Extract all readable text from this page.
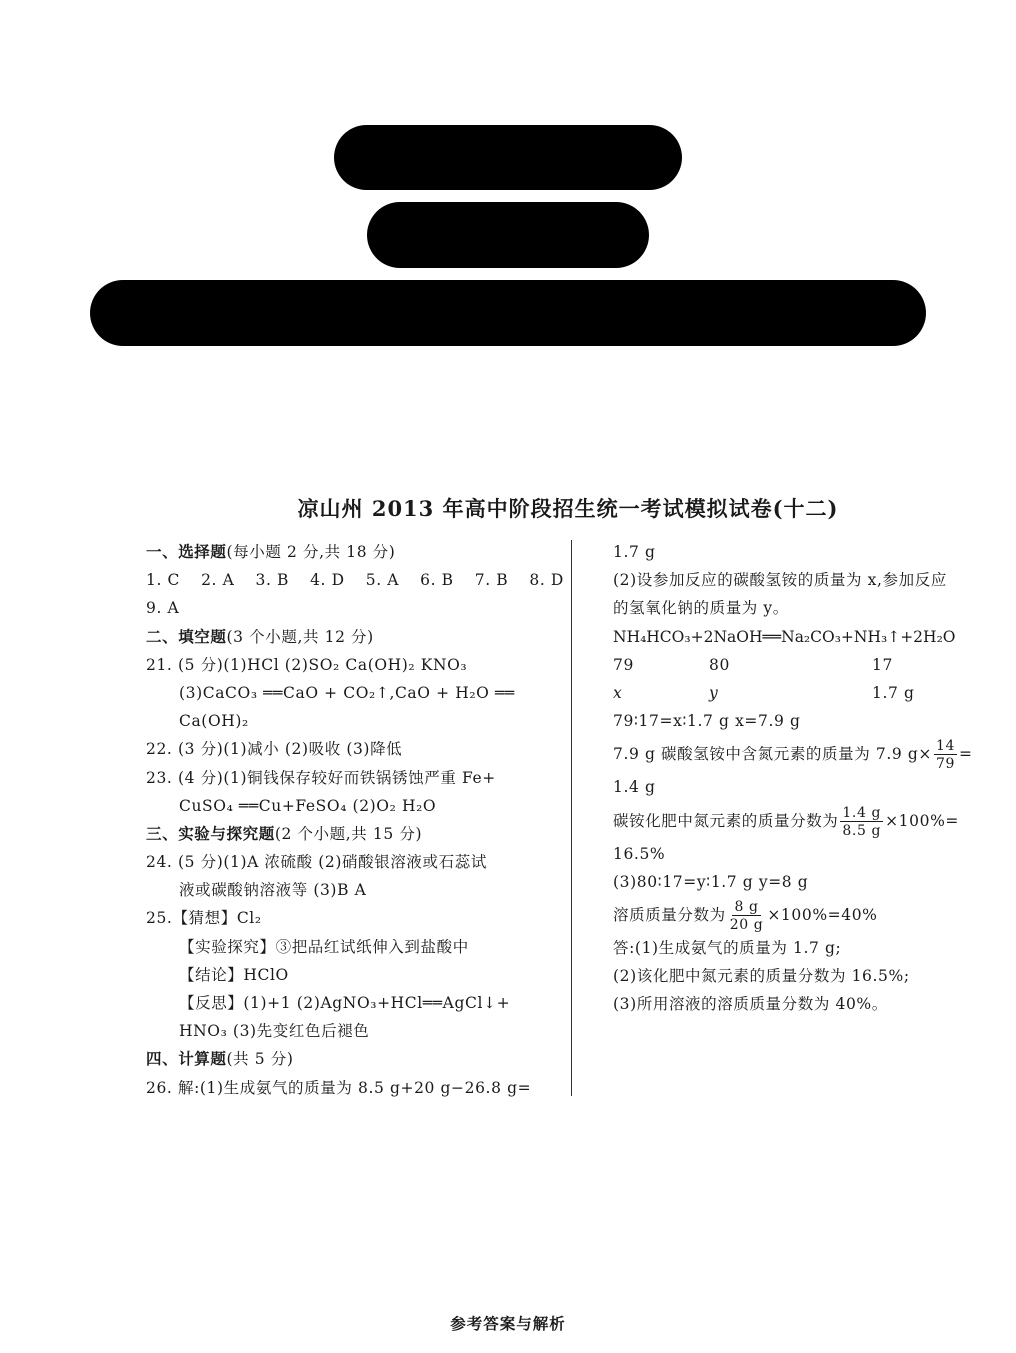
凉山州 2013 年高中阶段招生统一考试模拟试卷(十二)
一、选择题(每小题 2 分,共 18 分)
1. C 2. A 3. B 4. D 5. A 6. B 7. B 8. D
9. A
二、填空题(3 个小题,共 12 分)
21. (5 分)(1)HCl (2)SO₂ Ca(OH)₂ KNO₃
(3)CaCO₃ ══CaO + CO₂↑,CaO + H₂O ══
Ca(OH)₂
22. (3 分)(1)减小 (2)吸收 (3)降低
23. (4 分)(1)铜钱保存较好而铁锅锈蚀严重 Fe+
CuSO₄ ══Cu+FeSO₄ (2)O₂ H₂O
三、实验与探究题(2 个小题,共 15 分)
24. (5 分)(1)A 浓硫酸 (2)硝酸银溶液或石蕊试
液或碳酸钠溶液等 (3)B A
25.【猜想】Cl₂
【实验探究】③把品红试纸伸入到盐酸中
【结论】HClO
【反思】(1)+1 (2)AgNO₃+HCl══AgCl↓+
HNO₃ (3)先变红色后褪色
四、计算题(共 5 分)
26. 解:(1)生成氨气的质量为 8.5 g+20 g−26.8 g=
1.7 g
(2)设参加反应的碳酸氢铵的质量为 x,参加反应
的氢氧化钠的质量为 y。
NH₄HCO₃+2NaOH══Na₂CO₃+NH₃↑+2H₂O
79	80	17
x	y	1.7 g
79∶17=x∶1.7 g x=7.9 g
7.9 g 碳酸氢铵中含氮元素的质量为 7.9 $g\times \frac{14}{79}$ =
1.4 g
碳铵化肥中氮元素的质量分数为 $\frac{1.4 g}{8.5 g} \times 100\%=$
16.5%
(3)80∶17=y∶1.7 g y=8 g
溶质质量分数为 $\frac{8 g}{20 g} \times 100\%=40\%$
答:(1)生成氨气的质量为 1.7 g;
(2)该化肥中氮元素的质量分数为 16.5%;
(3)所用溶液的溶质质量分数为 40%。
参考答案与解析
